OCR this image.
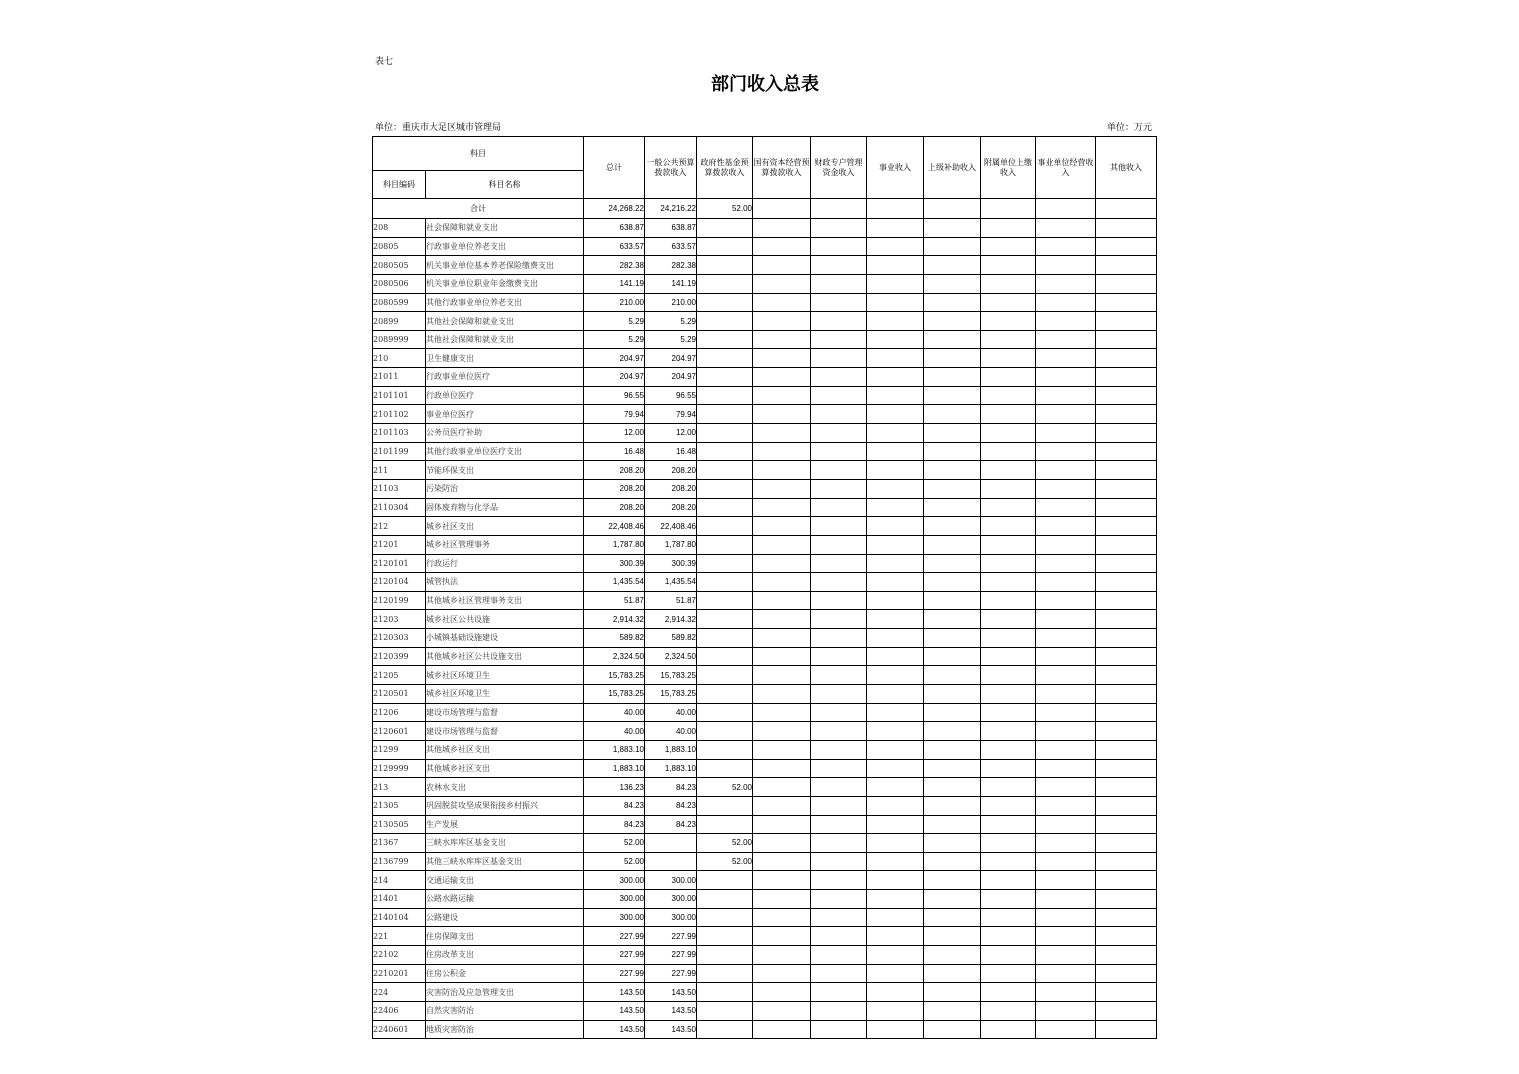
表七
部门收入总表
单位：重庆市大足区城市管理局	单位：万元
科目		总计	一般公共预算拨款收入	政府性基金预算拨款收入	国有资本经营预算拨款收入	财政专户管理资金收入	事业收入	上级补助收入	附属单位上缴收入	事业单位经营收入	其他收入
科目编码	科目名称										
合计		24,268.22	24,216.22	52.00							
208	社会保障和就业支出	638.87	638.87								
20805	行政事业单位养老支出	633.57	633.57								
2080505	机关事业单位基本养老保险缴费支出	282.38	282.38								
2080506	机关事业单位职业年金缴费支出	141.19	141.19								
2080599	其他行政事业单位养老支出	210.00	210.00								
20899	其他社会保障和就业支出	5.29	5.29								
2089999	其他社会保障和就业支出	5.29	5.29								
210	卫生健康支出	204.97	204.97								
21011	行政事业单位医疗	204.97	204.97								
2101101	行政单位医疗	96.55	96.55								
2101102	事业单位医疗	79.94	79.94								
2101103	公务员医疗补助	12.00	12.00								
2101199	其他行政事业单位医疗支出	16.48	16.48								
211	节能环保支出	208.20	208.20								
21103	污染防治	208.20	208.20								
2110304	固体废弃物与化学品	208.20	208.20								
212	城乡社区支出	22,408.46	22,408.46								
21201	城乡社区管理事务	1,787.80	1,787.80								
2120101	行政运行	300.39	300.39								
2120104	城管执法	1,435.54	1,435.54								
2120199	其他城乡社区管理事务支出	51.87	51.87								
21203	城乡社区公共设施	2,914.32	2,914.32								
2120303	小城镇基础设施建设	589.82	589.82								
2120399	其他城乡社区公共设施支出	2,324.50	2,324.50								
21205	城乡社区环境卫生	15,783.25	15,783.25								
2120501	城乡社区环境卫生	15,783.25	15,783.25								
21206	建设市场管理与监督	40.00	40.00								
2120601	建设市场管理与监督	40.00	40.00								
21299	其他城乡社区支出	1,883.10	1,883.10								
2129999	其他城乡社区支出	1,883.10	1,883.10								
213	农林水支出	136.23	84.23	52.00							
21305	巩固脱贫攻坚成果衔接乡村振兴	84.23	84.23								
2130505	生产发展	84.23	84.23								
21367	三峡水库库区基金支出	52.00		52.00							
2136799	其他三峡水库库区基金支出	52.00		52.00							
214	交通运输支出	300.00	300.00								
21401	公路水路运输	300.00	300.00								
2140104	公路建设	300.00	300.00								
221	住房保障支出	227.99	227.99								
22102	住房改革支出	227.99	227.99								
2210201	住房公积金	227.99	227.99								
224	灾害防治及应急管理支出	143.50	143.50								
22406	自然灾害防治	143.50	143.50								
2240601	地质灾害防治	143.50	143.50								
